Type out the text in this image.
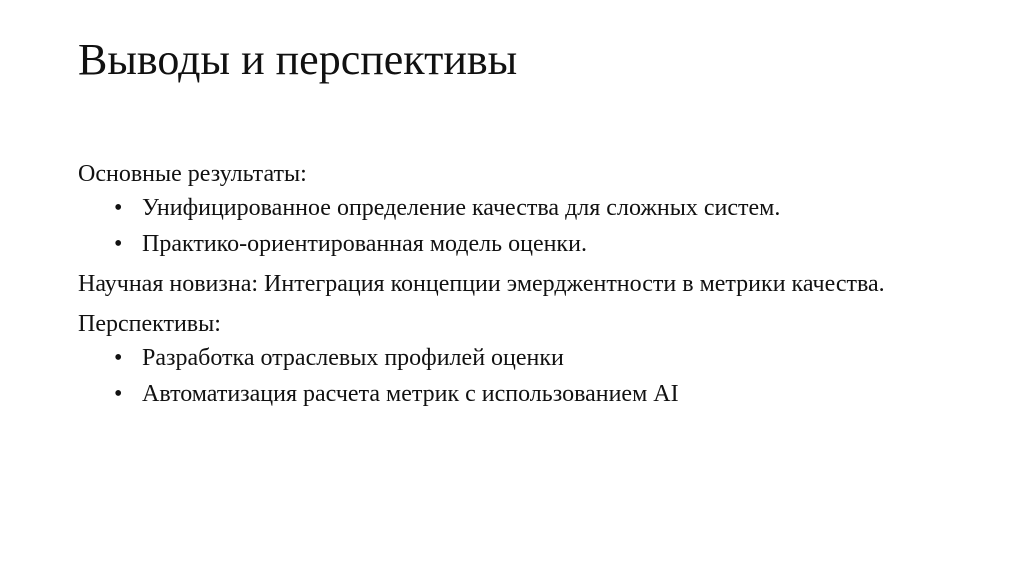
Выводы и перспективы

Основные результаты:

• Унифицированное определение качества для сложных систем.
• Практико-ориентированная модель оценки.

Научная новизна: Интеграция концепции эмерджентности в метрики качества.

Перспективы:

• Разработка отраслевых профилей оценки
• Автоматизация расчета метрик с использованием AI
